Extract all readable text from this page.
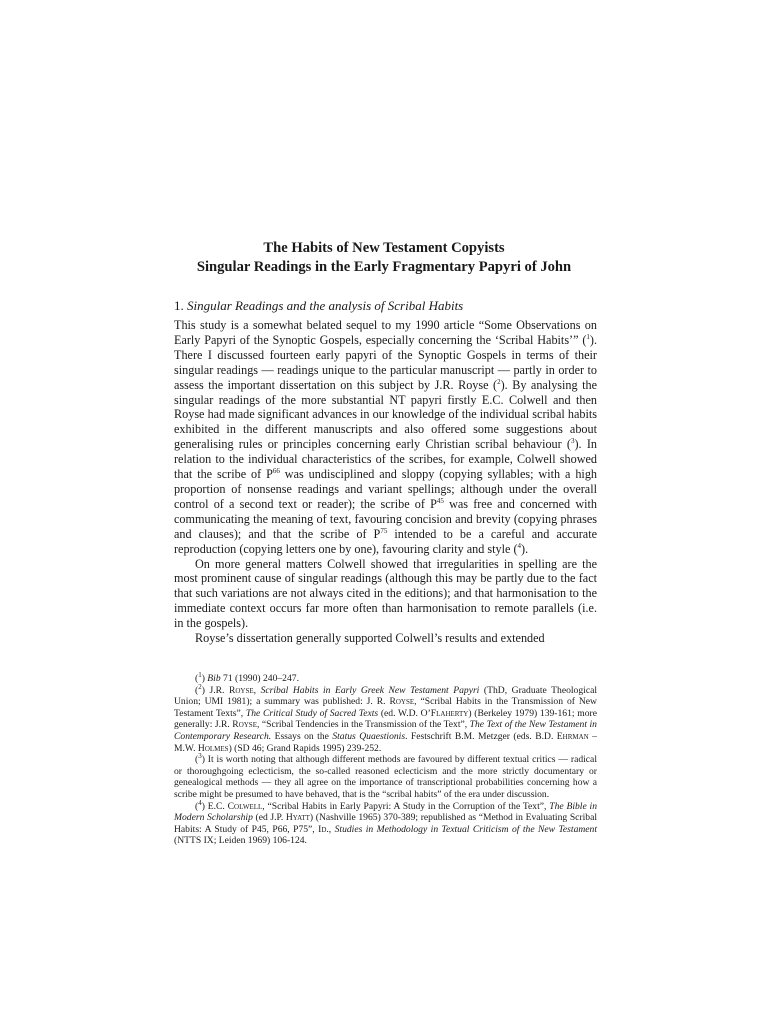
The Habits of New Testament Copyists
Singular Readings in the Early Fragmentary Papyri of John
1. Singular Readings and the analysis of Scribal Habits

This study is a somewhat belated sequel to my 1990 article “Some Observations on Early Papyri of the Synoptic Gospels, especially concerning the ‘Scribal Habits’” ($^1$). There I discussed fourteen early papyri of the Synoptic Gospels in terms of their singular readings — readings unique to the particular manuscript — partly in order to assess the important dissertation on this subject by J.R. Royse ($^2$). By analysing the singular readings of the more substantial NT papyri firstly E.C. Colwell and then Royse had made significant advances in our knowledge of the individual scribal habits exhibited in the different manuscripts and also offered some suggestions about generalising rules or principles concerning early Christian scribal behaviour ($^3$). In relation to the individual characteristics of the scribes, for example, Colwell showed that the scribe of $P^{66}$ was undisciplined and sloppy (copying syllables; with a high proportion of nonsense readings and variant spellings; although under the overall control of a second text or reader); the scribe of $P^{45}$ was free and concerned with communicating the meaning of text, favouring concision and brevity (copying phrases and clauses); and that the scribe of $P^{75}$ intended to be a careful and accurate reproduction (copying letters one by one), favouring clarity and style ($^4$).

On more general matters Colwell showed that irregularities in spelling are the most prominent cause of singular readings (although this may be partly due to the fact that such variations are not always cited in the editions); and that harmonisation to the immediate context occurs far more often than harmonisation to remote parallels (i.e. in the gospels).

Royse’s dissertation generally supported Colwell’s results and extended

($^1$) Bib 71 (1990) 240–247.

($^2$) J.R. Royse, Scribal Habits in Early Greek New Testament Papyri (ThD, Graduate Theological Union; UMI 1981); a summary was published: J. R. Royse, “Scribal Habits in the Transmission of New Testament Texts”, The Critical Study of Sacred Texts (ed. W.D. O’Flaherty) (Berkeley 1979) 139-161; more generally: J.R. Royse, “Scribal Tendencies in the Transmission of the Text”, The Text of the New Testament in Contemporary Research. Essays on the Status Quaestionis. Festschrift B.M. Metzger (eds. B.D. Ehrman – M.W. Holmes) (SD 46; Grand Rapids 1995) 239-252.

($^3$) It is worth noting that although different methods are favoured by different textual critics — radical or thoroughgoing eclecticism, the so-called reasoned eclecticism and the more strictly documentary or genealogical methods — they all agree on the importance of transcriptional probabilities concerning how a scribe might be presumed to have behaved, that is the “scribal habits” of the era under discussion.

($^4$) E.C. Colwell, “Scribal Habits in Early Papyri: A Study in the Corruption of the Text”, The Bible in Modern Scholarship (ed J.P. Hyatt) (Nashville 1965) 370-389; republished as “Method in Evaluating Scribal Habits: A Study of P45, P66, P75”, Id., Studies in Methodology in Textual Criticism of the New Testament (NTTS IX; Leiden 1969) 106-124.
